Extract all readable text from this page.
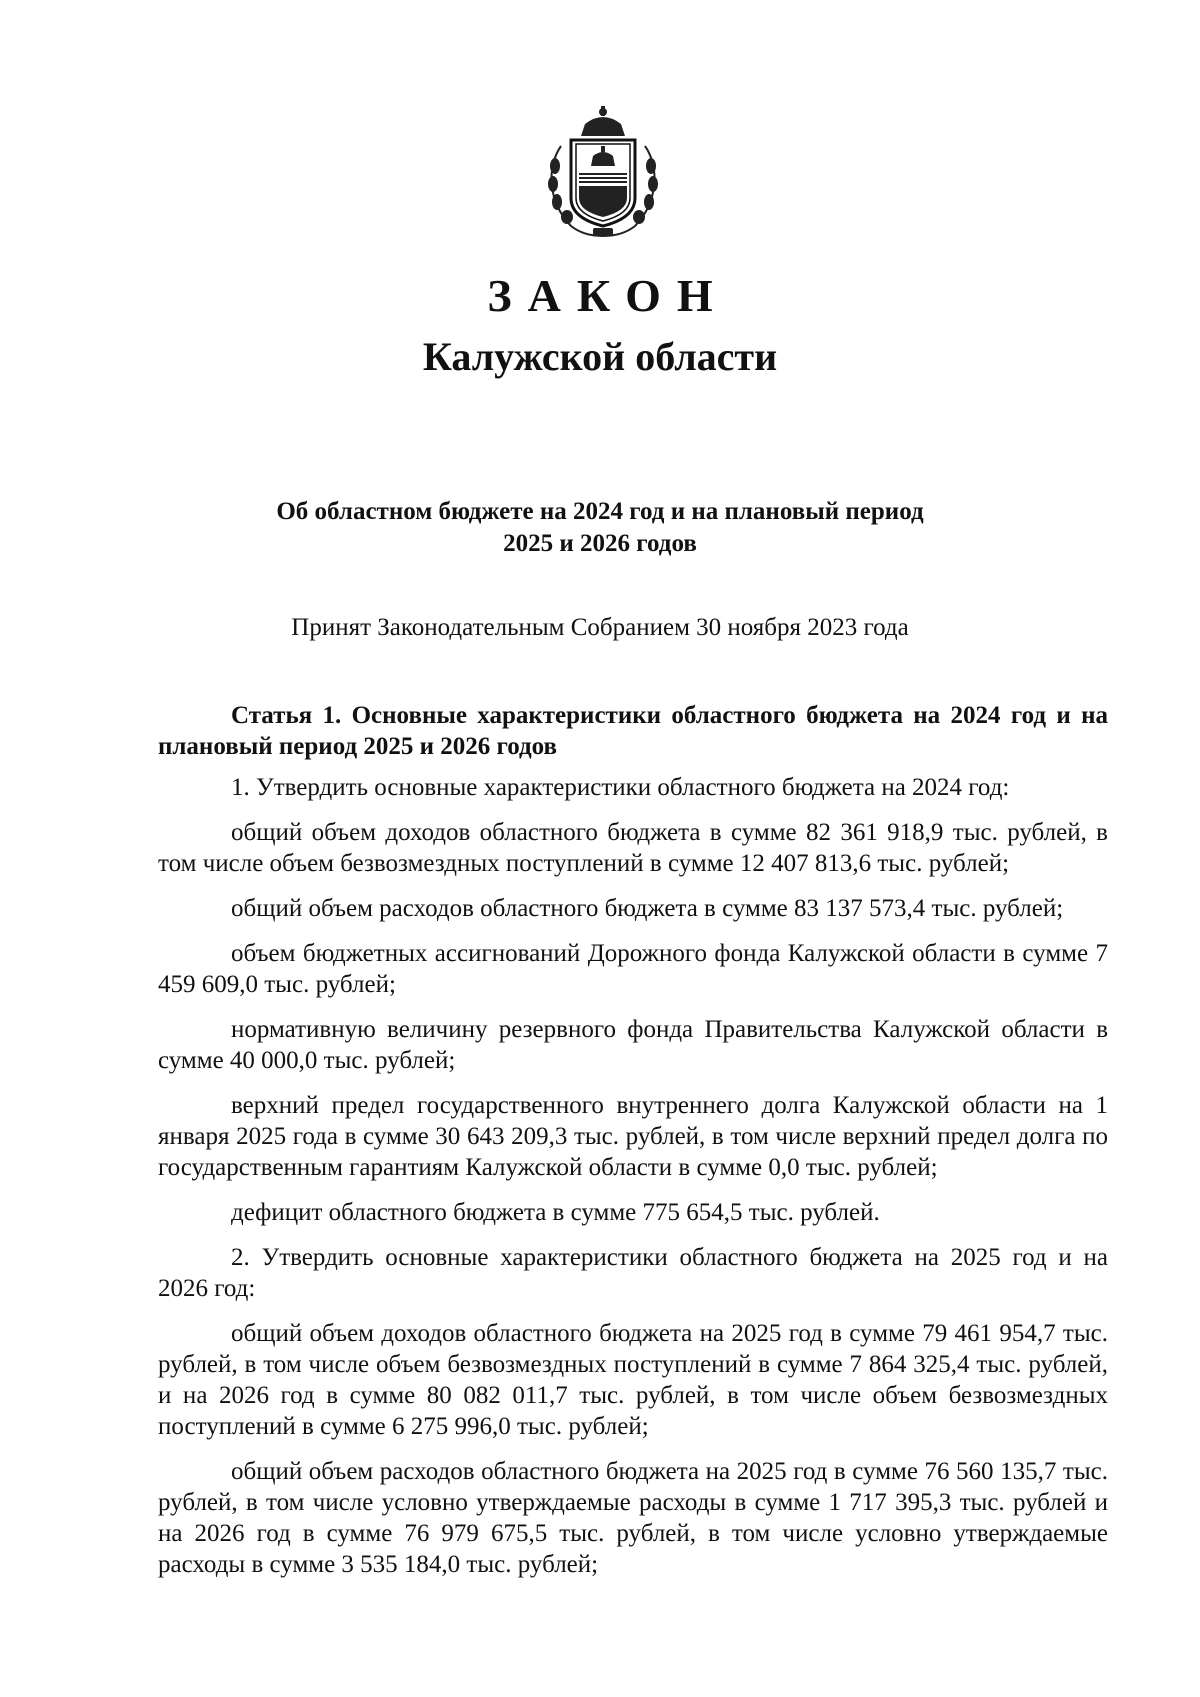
ЗАКОН
Калужской области
Об областном бюджете на 2024 год и на плановый период
2025 и 2026 годов
Принят Законодательным Собранием 30 ноября 2023 года

Статья 1. Основные характеристики областного бюджета на 2024 год и на плановый период 2025 и 2026 годов

1. Утвердить основные характеристики областного бюджета на 2024 год:

общий объем доходов областного бюджета в сумме 82 361 918,9 тыс. рублей, в том числе объем безвозмездных поступлений в сумме 12 407 813,6 тыс. рублей;

общий объем расходов областного бюджета в сумме 83 137 573,4 тыс. рублей;

объем бюджетных ассигнований Дорожного фонда Калужской области в сумме 7 459 609,0 тыс. рублей;

нормативную величину резервного фонда Правительства Калужской области в сумме 40 000,0 тыс. рублей;

верхний предел государственного внутреннего долга Калужской области на 1 января 2025 года в сумме 30 643 209,3 тыс. рублей, в том числе верхний предел долга по государственным гарантиям Калужской области в сумме 0,0 тыс. рублей;

дефицит областного бюджета в сумме 775 654,5 тыс. рублей.

2. Утвердить основные характеристики областного бюджета на 2025 год и на 2026 год:

общий объем доходов областного бюджета на 2025 год в сумме 79 461 954,7 тыс. рублей, в том числе объем безвозмездных поступлений в сумме 7 864 325,4 тыс. рублей, и на 2026 год в сумме 80 082 011,7 тыс. рублей, в том числе объем безвозмездных поступлений в сумме 6 275 996,0 тыс. рублей;

общий объем расходов областного бюджета на 2025 год в сумме 76 560 135,7 тыс. рублей, в том числе условно утверждаемые расходы в сумме 1 717 395,3 тыс. рублей и на 2026 год в сумме 76 979 675,5 тыс. рублей, в том числе условно утверждаемые расходы в сумме 3 535 184,0 тыс. рублей;
